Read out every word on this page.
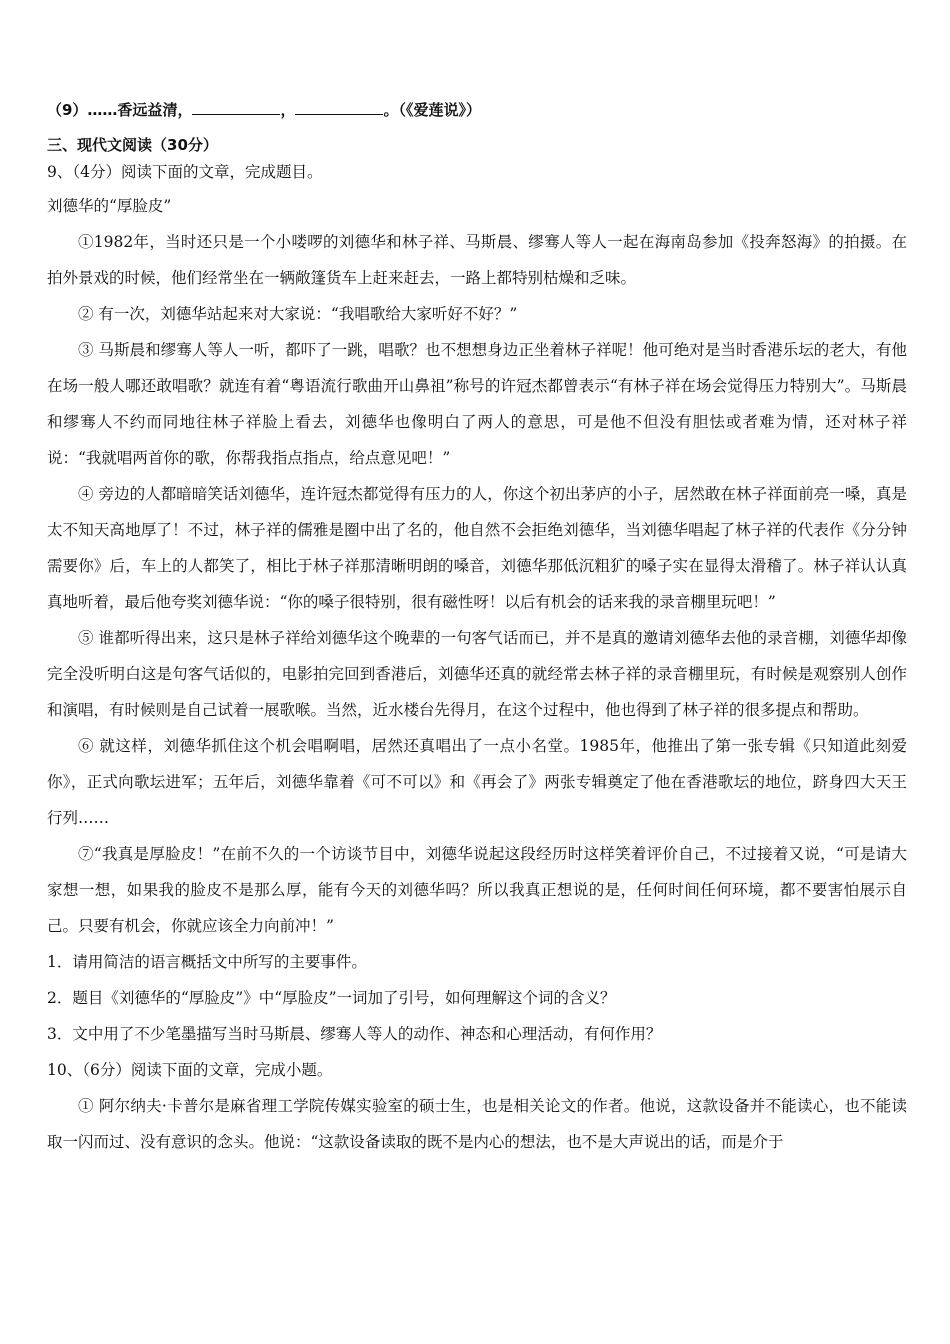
（9）……香远益清，	，	。（《爱莲说》）
三、现代文阅读（30分）
9、（4分）阅读下面的文章，完成题目。
刘德华的“厚脸皮”

①1982年，当时还只是一个小喽啰的刘德华和林子祥、马斯晨、缪骞人等人一起在海南岛参加《投奔怒海》的拍摄。在拍外景戏的时候，他们经常坐在一辆敞篷货车上赶来赶去，一路上都特别枯燥和乏味。

② 有一次，刘德华站起来对大家说：“我唱歌给大家听好不好？”

③ 马斯晨和缪骞人等人一听，都吓了一跳，唱歌？也不想想身边正坐着林子祥呢！他可绝对是当时香港乐坛的老大，有他在场一般人哪还敢唱歌？就连有着“粤语流行歌曲开山鼻祖”称号的许冠杰都曾表示“有林子祥在场会觉得压力特别大”。马斯晨和缪骞人不约而同地往林子祥脸上看去，刘德华也像明白了两人的意思，可是他不但没有胆怯或者难为情，还对林子祥说：“我就唱两首你的歌，你帮我指点指点，给点意见吧！”

④ 旁边的人都暗暗笑话刘德华，连许冠杰都觉得有压力的人，你这个初出茅庐的小子，居然敢在林子祥面前亮一嗓，真是太不知天高地厚了！不过，林子祥的儒雅是圈中出了名的，他自然不会拒绝刘德华，当刘德华唱起了林子祥的代表作《分分钟需要你》后，车上的人都笑了，相比于林子祥那清晰明朗的嗓音，刘德华那低沉粗犷的嗓子实在显得太滑稽了。林子祥认认真真地听着，最后他夸奖刘德华说：“你的嗓子很特别，很有磁性呀！以后有机会的话来我的录音棚里玩吧！”

⑤ 谁都听得出来，这只是林子祥给刘德华这个晚辈的一句客气话而已，并不是真的邀请刘德华去他的录音棚，刘德华却像完全没听明白这是句客气话似的，电影拍完回到香港后，刘德华还真的就经常去林子祥的录音棚里玩，有时候是观察别人创作和演唱，有时候则是自己试着一展歌喉。当然，近水楼台先得月，在这个过程中，他也得到了林子祥的很多提点和帮助。

⑥ 就这样，刘德华抓住这个机会唱啊唱，居然还真唱出了一点小名堂。1985年，他推出了第一张专辑《只知道此刻爱你》，正式向歌坛进军；五年后，刘德华靠着《可不可以》和《再会了》两张专辑奠定了他在香港歌坛的地位，跻身四大天王行列……

⑦“我真是厚脸皮！”在前不久的一个访谈节目中，刘德华说起这段经历时这样笑着评价自己，不过接着又说，“可是请大家想一想，如果我的脸皮不是那么厚，能有今天的刘德华吗？所以我真正想说的是，任何时间任何环境，都不要害怕展示自己。只要有机会，你就应该全力向前冲！”

1．请用简洁的语言概括文中所写的主要事件。

2．题目《刘德华的“厚脸皮”》中“厚脸皮”一词加了引号，如何理解这个词的含义？

3．文中用了不少笔墨描写当时马斯晨、缪骞人等人的动作、神态和心理活动，有何作用？

10、（6分）阅读下面的文章，完成小题。

① 阿尔纳夫·卡普尔是麻省理工学院传媒实验室的硕士生，也是相关论文的作者。他说，这款设备并不能读心，也不能读取一闪而过、没有意识的念头。他说：“这款设备读取的既不是内心的想法，也不是大声说出的话，而是介于
